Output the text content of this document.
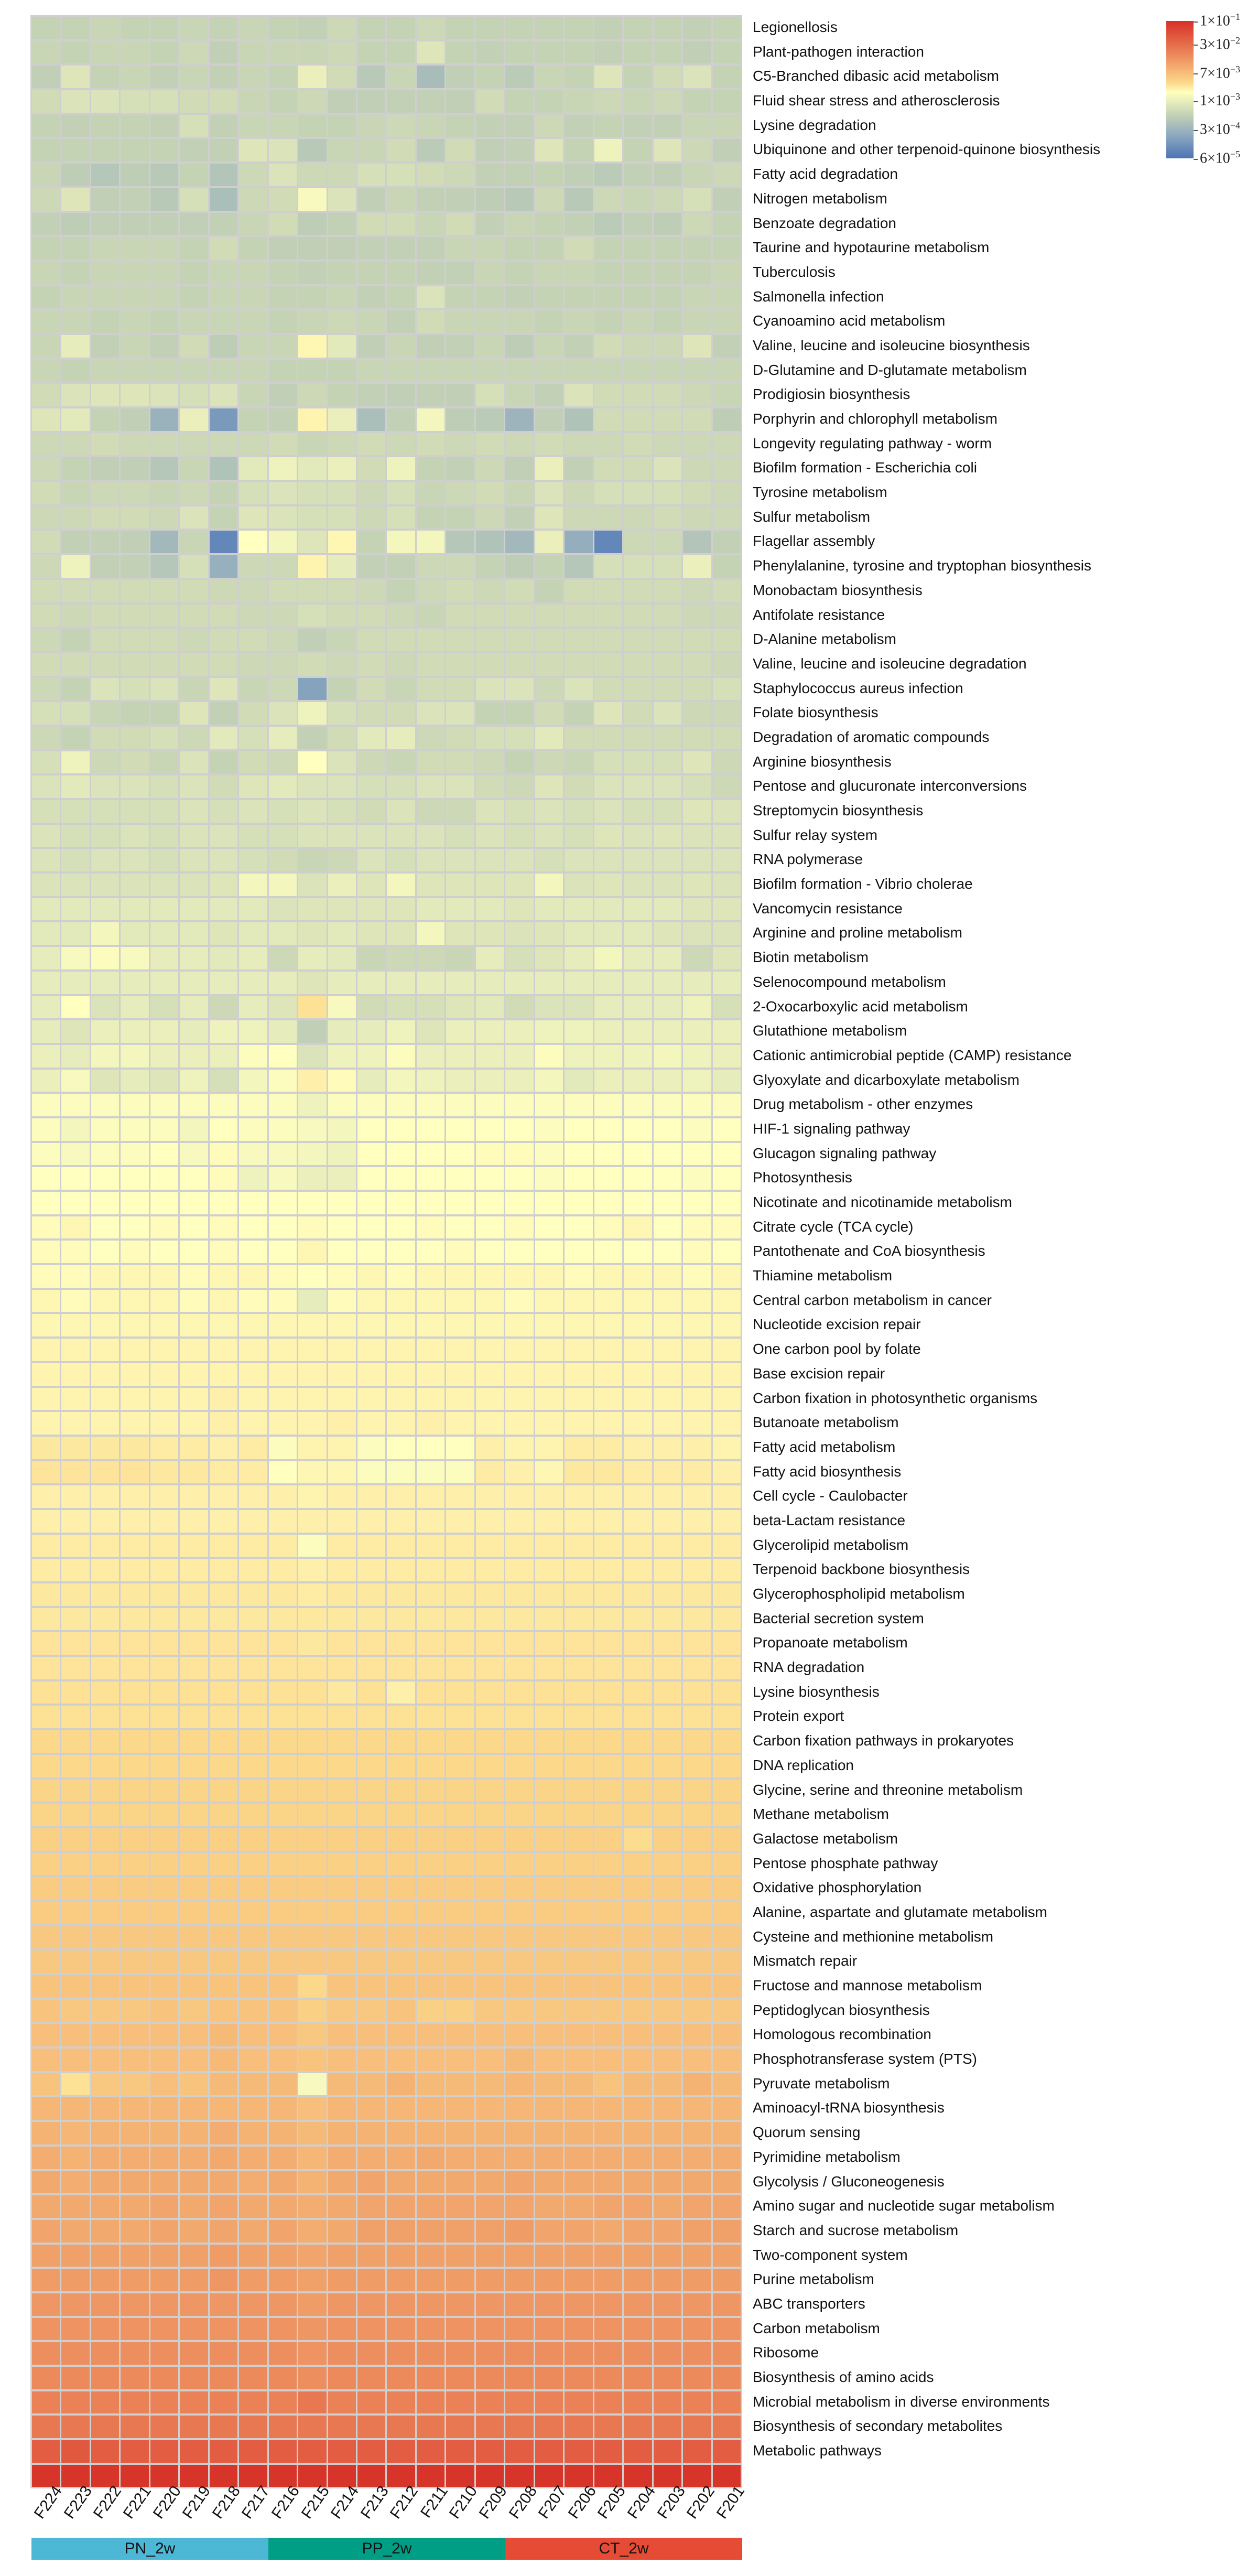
Legionellosis
Plant-pathogen interaction
C5-Branched dibasic acid metabolism
Fluid shear stress and atherosclerosis
Lysine degradation
Ubiquinone and other terpenoid-quinone biosynthesis
Fatty acid degradation
Nitrogen metabolism
Benzoate degradation
Taurine and hypotaurine metabolism
Tuberculosis
Salmonella infection
Cyanoamino acid metabolism
Valine, leucine and isoleucine biosynthesis
D-Glutamine and D-glutamate metabolism
Prodigiosin biosynthesis
Porphyrin and chlorophyll metabolism
Longevity regulating pathway - worm
Biofilm formation - Escherichia coli
Tyrosine metabolism
Sulfur metabolism
Flagellar assembly
Phenylalanine, tyrosine and tryptophan biosynthesis
Monobactam biosynthesis
Antifolate resistance
D-Alanine metabolism
Valine, leucine and isoleucine degradation
Staphylococcus aureus infection
Folate biosynthesis
Degradation of aromatic compounds
Arginine biosynthesis
Pentose and glucuronate interconversions
Streptomycin biosynthesis
Sulfur relay system
RNA polymerase
Biofilm formation - Vibrio cholerae
Vancomycin resistance
Arginine and proline metabolism
Biotin metabolism
Selenocompound metabolism
2-Oxocarboxylic acid metabolism
Glutathione metabolism
Cationic antimicrobial peptide (CAMP) resistance
Glyoxylate and dicarboxylate metabolism
Drug metabolism - other enzymes
HIF-1 signaling pathway
Glucagon signaling pathway
Photosynthesis
Nicotinate and nicotinamide metabolism
Citrate cycle (TCA cycle)
Pantothenate and CoA biosynthesis
Thiamine metabolism
Central carbon metabolism in cancer
Nucleotide excision repair
One carbon pool by folate
Base excision repair
Carbon fixation in photosynthetic organisms
Butanoate metabolism
Fatty acid metabolism
Fatty acid biosynthesis
Cell cycle - Caulobacter
beta-Lactam resistance
Glycerolipid metabolism
Terpenoid backbone biosynthesis
Glycerophospholipid metabolism
Bacterial secretion system
Propanoate metabolism
RNA degradation
Lysine biosynthesis
Protein export
Carbon fixation pathways in prokaryotes
DNA replication
Glycine, serine and threonine metabolism
Methane metabolism
Galactose metabolism
Pentose phosphate pathway
Oxidative phosphorylation
Alanine, aspartate and glutamate metabolism
Cysteine and methionine metabolism
Mismatch repair
Fructose and mannose metabolism
Peptidoglycan biosynthesis
Homologous recombination
Phosphotransferase system (PTS)
Pyruvate metabolism
Aminoacyl-tRNA biosynthesis
Quorum sensing
Pyrimidine metabolism
Glycolysis / Gluconeogenesis
Amino sugar and nucleotide sugar metabolism
Starch and sucrose metabolism
Two-component system
Purine metabolism
ABC transporters
Carbon metabolism
Ribosome
Biosynthesis of amino acids
Microbial metabolism in diverse environments
Biosynthesis of secondary metabolites
Metabolic pathways
F224
F223
F222
F221
F220
F219
F218
F217
F216
F215
F214
F213
F212
F211
F210
F209
F208
F207
F206
F205
F204
F203
F202
F201
PN_2w	PP_2w	CT_2w
$1\times 10^{-1}$
$3\times 10^{-2}$
$7\times 10^{-3}$
$1\times 10^{-3}$
$3\times 10^{-4}$
$6\times 10^{-5}$
